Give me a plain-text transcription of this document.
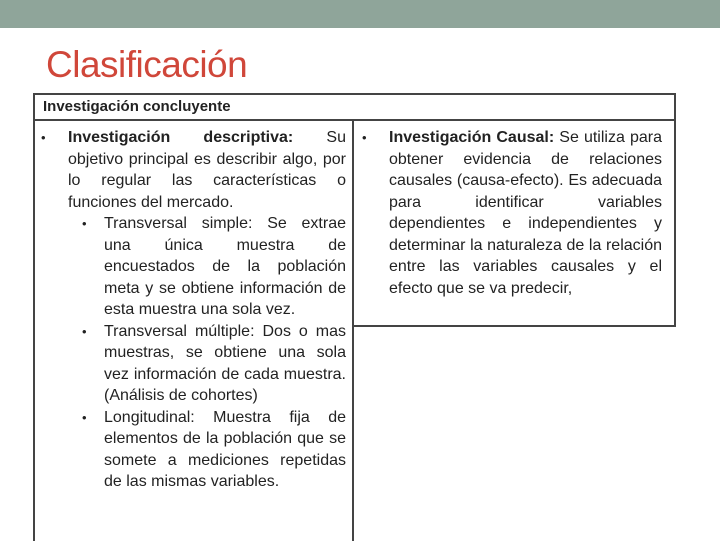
Clasificación
Investigación concluyente
• Investigación descriptiva: Su objetivo principal es describir algo, por lo regular las características o funciones del mercado.
• Transversal simple: Se extrae una única muestra de encuestados de la población meta y se obtiene información de esta muestra una sola vez.
• Transversal múltiple: Dos o mas muestras, se obtiene una sola vez información de cada muestra. (Análisis de cohortes)
• Longitudinal: Muestra fija de elementos de la población que se somete a mediciones repetidas de las mismas variables.
• Investigación Causal: Se utiliza para obtener evidencia de relaciones causales (causa-efecto). Es adecuada para identificar variables dependientes e independientes y determinar la naturaleza de la relación entre las variables causales y el efecto que se va predecir,
